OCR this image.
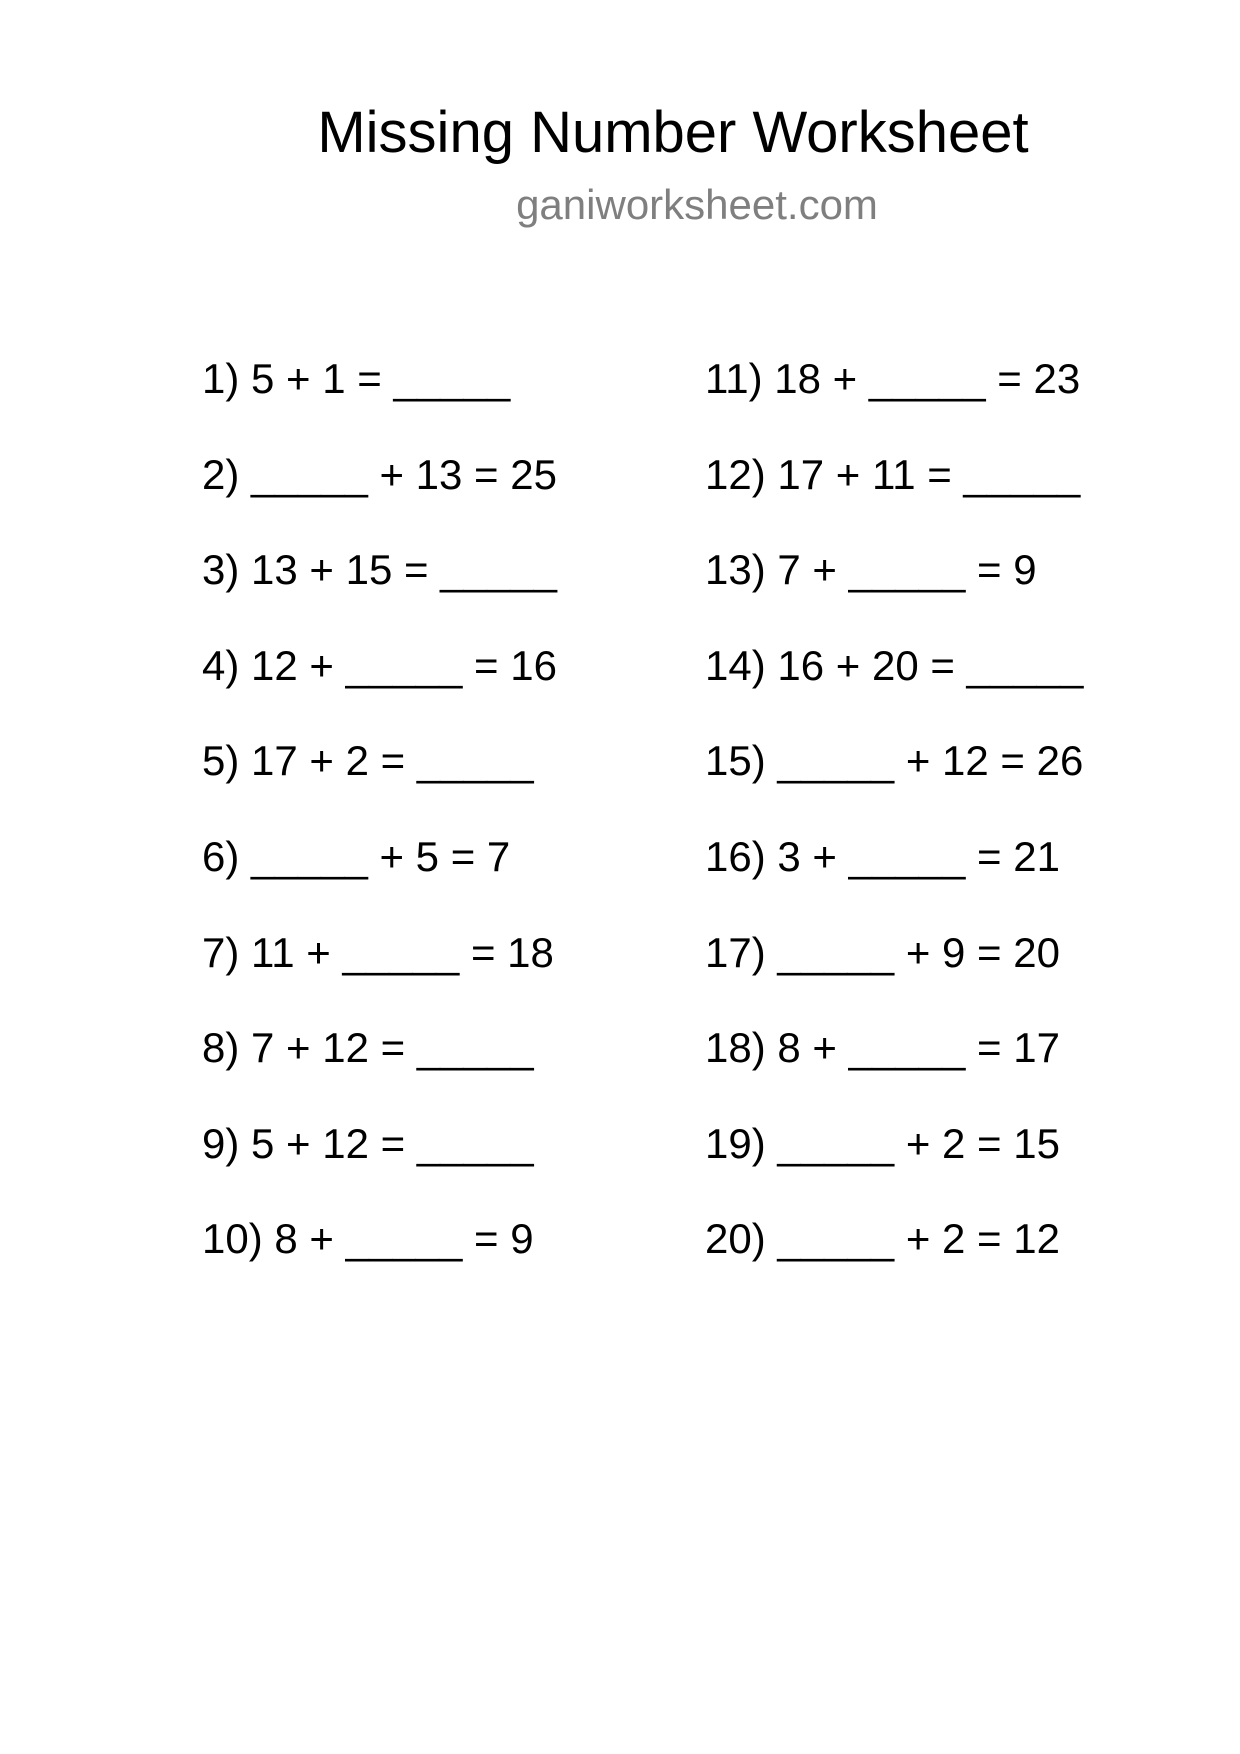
Missing Number Worksheet
ganiworksheet.com
1) 5 + 1 = _____
2) _____ + 13 = 25
3) 13 + 15 = _____
4) 12 + _____ = 16
5) 17 + 2 = _____
6) _____ + 5 = 7
7) 11 + _____ = 18
8) 7 + 12 = _____
9) 5 + 12 = _____
10) 8 + _____ = 9
11) 18 + _____ = 23
12) 17 + 11 = _____
13) 7 + _____ = 9
14) 16 + 20 = _____
15) _____ + 12 = 26
16) 3 + _____ = 21
17) _____ + 9 = 20
18) 8 + _____ = 17
19) _____ + 2 = 15
20) _____ + 2 = 12
